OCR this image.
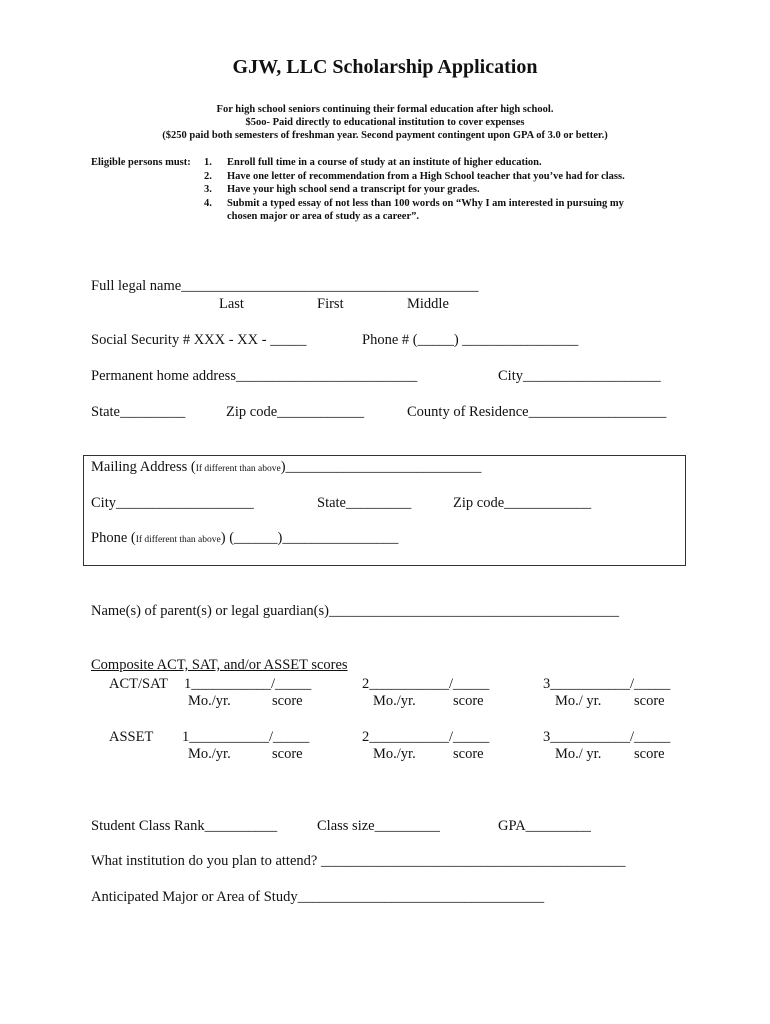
GJW, LLC Scholarship Application
For high school seniors continuing their formal education after high school.
$5oo- Paid directly to educational institution to cover expenses
($250 paid both semesters of freshman year. Second payment contingent upon GPA of 3.0 or better.)
Eligible persons must: 1. Enroll full time in a course of study at an institute of higher education.
2. Have one letter of recommendation from a High School teacher that you’ve had for class.
3. Have your high school send a transcript for your grades.
4. Submit a typed essay of not less than 100 words on “Why I am interested in pursuing my
chosen major or area of study as a career”.
Full legal name_________________________________________
Last	First	Middle
Social Security # XXX - XX - _____	Phone # (_____) ________________
Permanent home address_________________________	City___________________
State_________	Zip code____________	County of Residence___________________
Mailing Address (If different than above)___________________________
City___________________	State_________	Zip code____________
Phone (If different than above) (______)________________
Name(s) of parent(s) or legal guardian(s)________________________________________
Composite ACT, SAT, and/or ASSET scores
ACT/SAT 1___________/_____	2___________/_____	3___________/_____
Mo./yr.	score	Mo./yr.	score	Mo./ yr. score
ASSET 1___________/_____	2___________/_____	3___________/_____
Mo./yr.	score	Mo./yr.	score	Mo./ yr. score
Student Class Rank__________	Class size_________	GPA_________
What institution do you plan to attend? __________________________________________
Anticipated Major or Area of Study__________________________________
